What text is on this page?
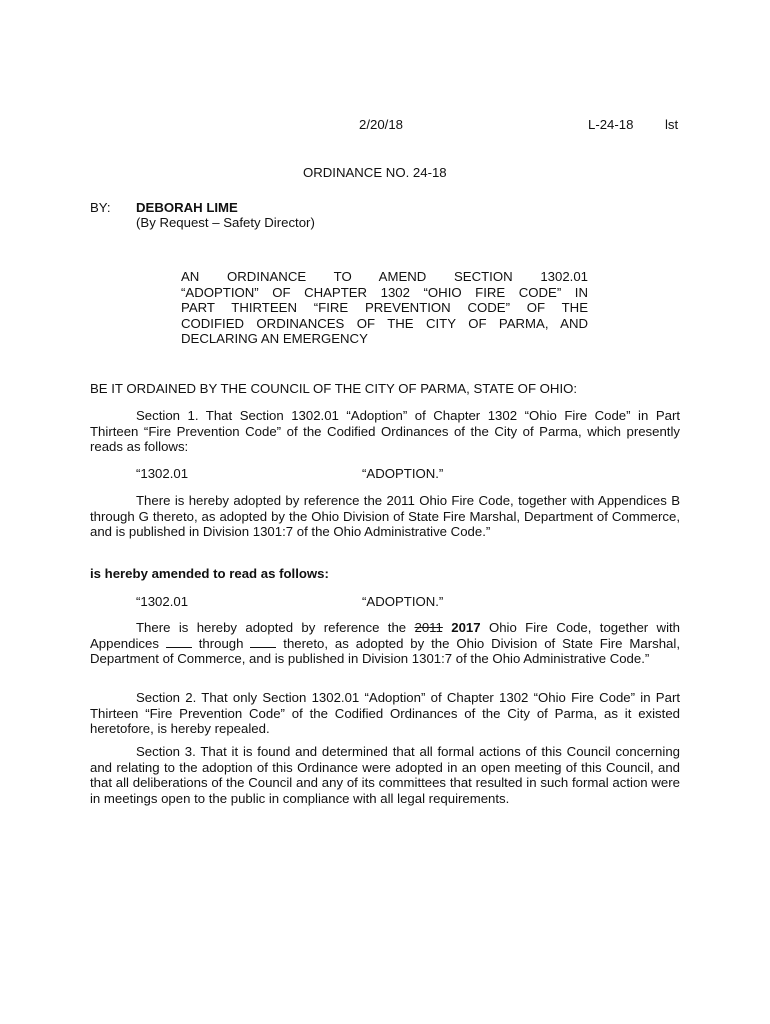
2/20/18	L-24-18 lst
ORDINANCE NO. 24-18
BY: DEBORAH LIME
(By Request – Safety Director)
AN ORDINANCE TO AMEND SECTION 1302.01
“ADOPTION” OF CHAPTER 1302 “OHIO FIRE CODE” IN
PART THIRTEEN “FIRE PREVENTION CODE” OF THE
CODIFIED ORDINANCES OF THE CITY OF PARMA, AND
DECLARING AN EMERGENCY
BE IT ORDAINED BY THE COUNCIL OF THE CITY OF PARMA, STATE OF OHIO:
Section 1. That Section 1302.01 “Adoption” of Chapter 1302 “Ohio Fire Code” in Part Thirteen “Fire Prevention Code” of the Codified Ordinances of the City of Parma, which presently reads as follows:
“1302.01	“ADOPTION.”
There is hereby adopted by reference the 2011 Ohio Fire Code, together with Appendices B through G thereto, as adopted by the Ohio Division of State Fire Marshal, Department of Commerce, and is published in Division 1301:7 of the Ohio Administrative Code.”
is hereby amended to read as follows:
“1302.01	“ADOPTION.”
There is hereby adopted by reference the 2011 2017 Ohio Fire Code, together with Appendices  through  thereto, as adopted by the Ohio Division of State Fire Marshal, Department of Commerce, and is published in Division 1301:7 of the Ohio Administrative Code.”
Section 2. That only Section 1302.01 “Adoption” of Chapter 1302 “Ohio Fire Code” in Part Thirteen “Fire Prevention Code” of the Codified Ordinances of the City of Parma, as it existed heretofore, is hereby repealed.
Section 3. That it is found and determined that all formal actions of this Council concerning and relating to the adoption of this Ordinance were adopted in an open meeting of this Council, and that all deliberations of the Council and any of its committees that resulted in such formal action were in meetings open to the public in compliance with all legal requirements.
